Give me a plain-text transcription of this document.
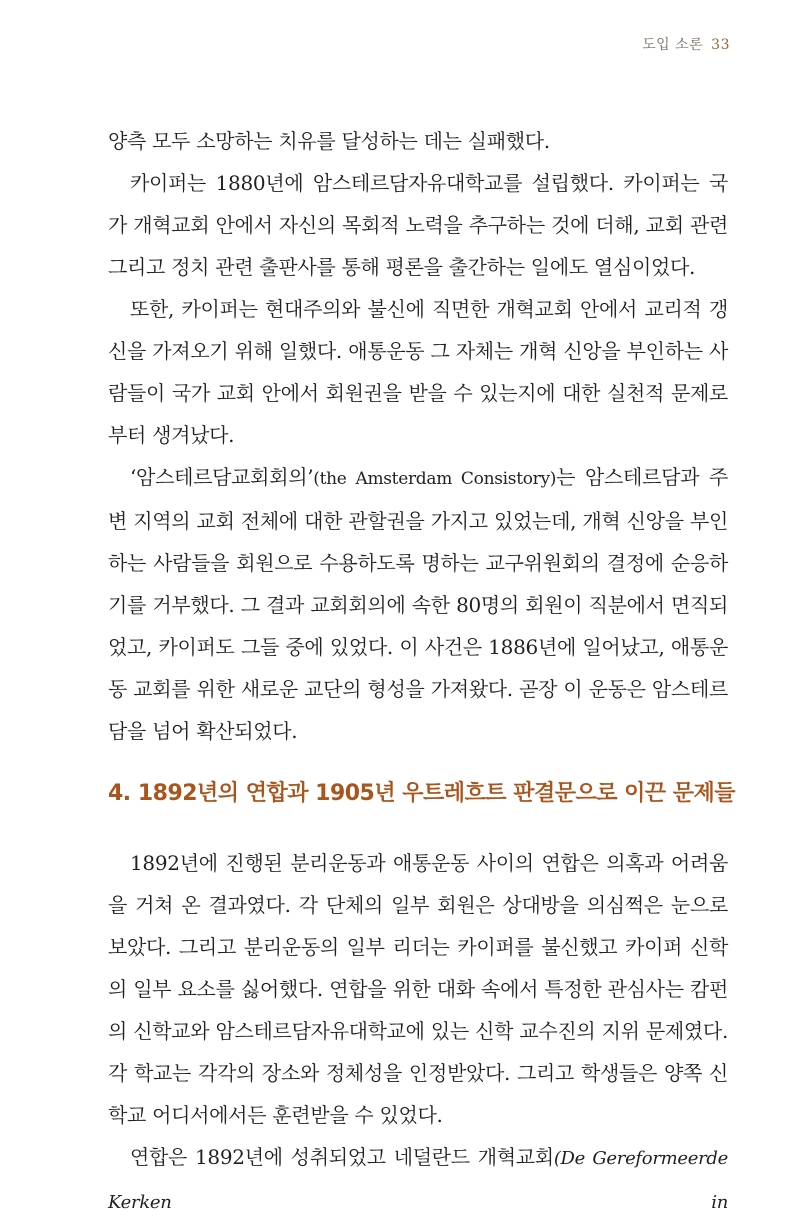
도입 소론 33

양측 모두 소망하는 치유를 달성하는 데는 실패했다.

카이퍼는 1880년에 암스테르담자유대학교를 설립했다. 카이퍼는 국가 개혁교회 안에서 자신의 목회적 노력을 추구하는 것에 더해, 교회 관련 그리고 정치 관련 출판사를 통해 평론을 출간하는 일에도 열심이었다.

또한, 카이퍼는 현대주의와 불신에 직면한 개혁교회 안에서 교리적 갱신을 가져오기 위해 일했다. 애통운동 그 자체는 개혁 신앙을 부인하는 사람들이 국가 교회 안에서 회원권을 받을 수 있는지에 대한 실천적 문제로부터 생겨났다.

‘암스테르담교회회의’(the Amsterdam Consistory)는 암스테르담과 주변 지역의 교회 전체에 대한 관할권을 가지고 있었는데, 개혁 신앙을 부인하는 사람들을 회원으로 수용하도록 명하는 교구위원회의 결정에 순응하기를 거부했다. 그 결과 교회회의에 속한 80명의 회원이 직분에서 면직되었고, 카이퍼도 그들 중에 있었다. 이 사건은 1886년에 일어났고, 애통운동 교회를 위한 새로운 교단의 형성을 가져왔다. 곧장 이 운동은 암스테르담을 넘어 확산되었다.

4. 1892년의 연합과 1905년 우트레흐트 판결문으로 이끈 문제들

1892년에 진행된 분리운동과 애통운동 사이의 연합은 의혹과 어려움을 거쳐 온 결과였다. 각 단체의 일부 회원은 상대방을 의심쩍은 눈으로 보았다. 그리고 분리운동의 일부 리더는 카이퍼를 불신했고 카이퍼 신학의 일부 요소를 싫어했다. 연합을 위한 대화 속에서 특정한 관심사는 캄펀의 신학교와 암스테르담자유대학교에 있는 신학 교수진의 지위 문제였다. 각 학교는 각각의 장소와 정체성을 인정받았다. 그리고 학생들은 양쪽 신학교 어디서에서든 훈련받을 수 있었다.

연합은 1892년에 성취되었고 네덜란드 개혁교회(De Gereformeerde Kerken in
